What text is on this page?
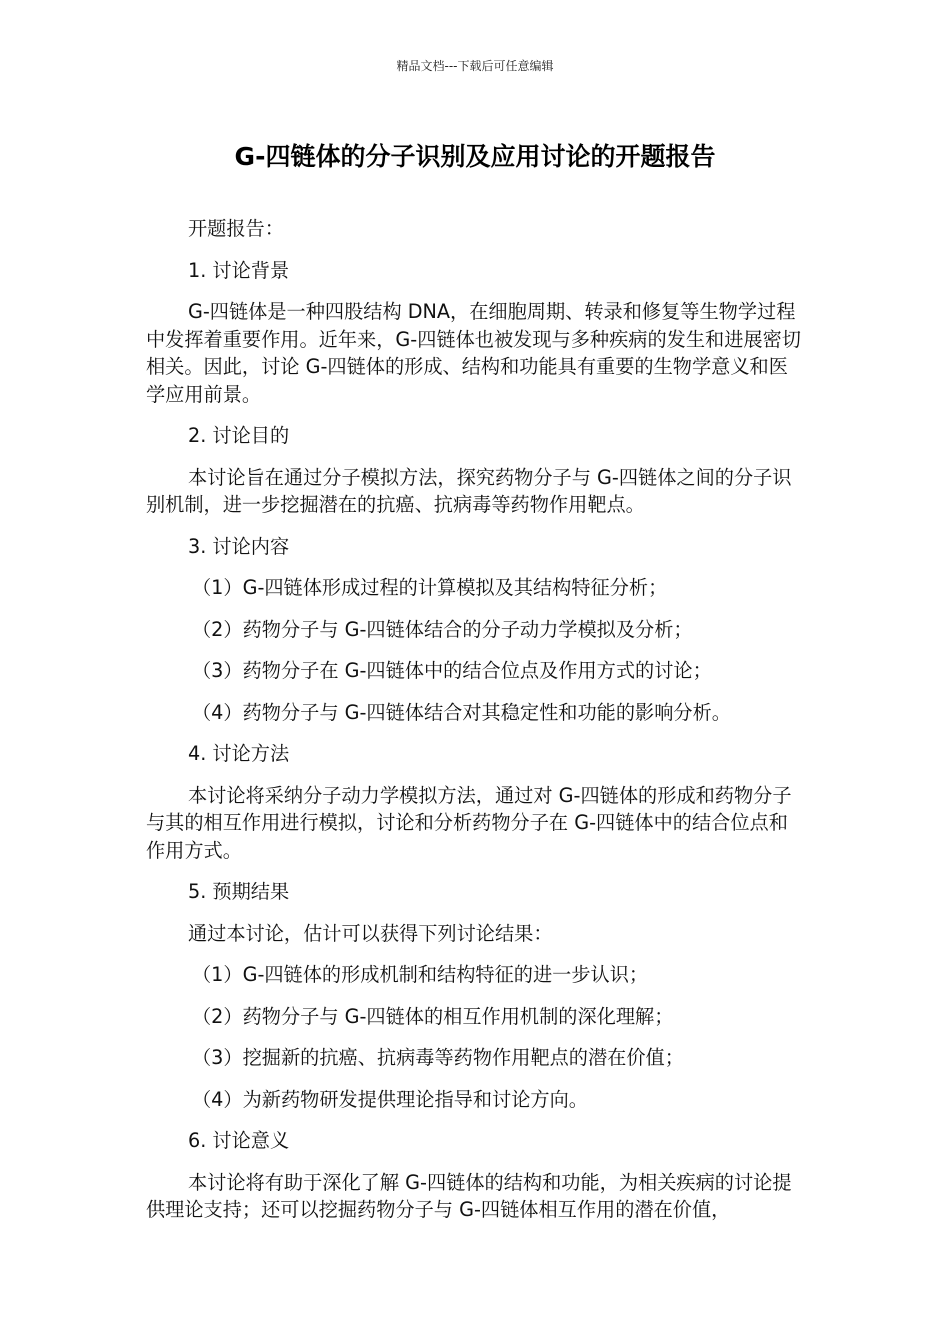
精品文档---下载后可任意编辑
G-四链体的分子识别及应用讨论的开题报告

开题报告：

1. 讨论背景

G-四链体是一种四股结构 DNA，在细胞周期、转录和修复等生物学过程中发挥着重要作用。近年来，G-四链体也被发现与多种疾病的发生和进展密切相关。因此，讨论 G-四链体的形成、结构和功能具有重要的生物学意义和医学应用前景。

2. 讨论目的

本讨论旨在通过分子模拟方法，探究药物分子与 G-四链体之间的分子识别机制，进一步挖掘潜在的抗癌、抗病毒等药物作用靶点。

3. 讨论内容

（1）G-四链体形成过程的计算模拟及其结构特征分析；

（2）药物分子与 G-四链体结合的分子动力学模拟及分析；

（3）药物分子在 G-四链体中的结合位点及作用方式的讨论；

（4）药物分子与 G-四链体结合对其稳定性和功能的影响分析。

4. 讨论方法

本讨论将采纳分子动力学模拟方法，通过对 G-四链体的形成和药物分子与其的相互作用进行模拟，讨论和分析药物分子在 G-四链体中的结合位点和作用方式。

5. 预期结果

通过本讨论，估计可以获得下列讨论结果：

（1）G-四链体的形成机制和结构特征的进一步认识；

（2）药物分子与 G-四链体的相互作用机制的深化理解；

（3）挖掘新的抗癌、抗病毒等药物作用靶点的潜在价值；

（4）为新药物研发提供理论指导和讨论方向。

6. 讨论意义

本讨论将有助于深化了解 G-四链体的结构和功能，为相关疾病的讨论提供理论支持；还可以挖掘药物分子与 G-四链体相互作用的潜在价值，
